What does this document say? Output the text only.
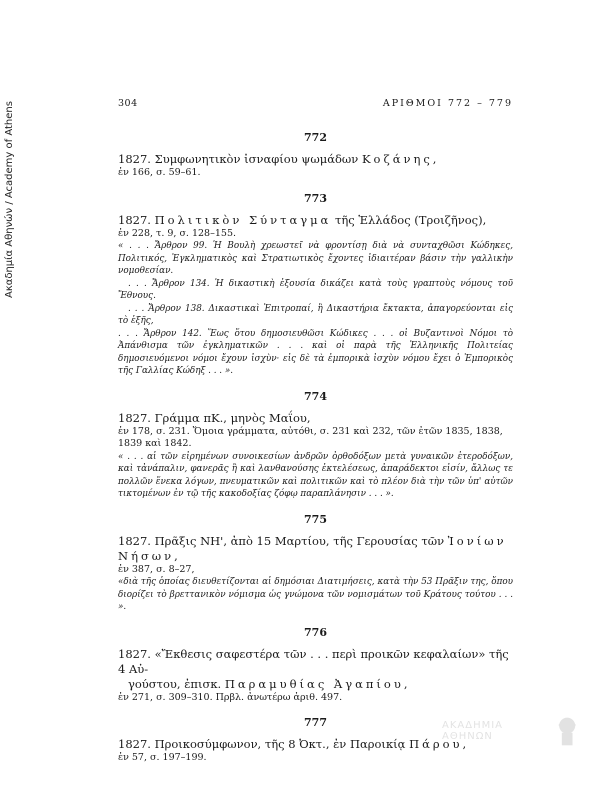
Ακαδημία Αθηνών / Academy of Athens	304	ΑΡΙΘΜΟΙ 772 – 779
772
1827. Συμφωνητικὸν ἰσναφίου ψωμάδων Κοζάνης,
ἐν 166, σ. 59–61.
773
1827. Πολιτικὸν Σύνταγμα τῆς Ἑλλάδος (Τροιζῆνος),
ἐν 228, τ. 9, σ. 128–155.
« . . . Ἄρθρον 99. Ἡ Βουλὴ χρεωστεῖ νὰ φροντίσῃ διὰ νὰ συνταχθῶσι Κώδηκες, Πολιτικός, Ἐγκληματικὸς καὶ Στρατιωτικὸς ἔχοντες ἰδιαιτέραν βάσιν τὴν γαλλικὴν νομοθεσίαν.
. . . Ἄρθρον 134. Ἡ δικαστικὴ ἐξουσία δικάζει κατὰ τοὺς γραπτοὺς νόμους τοῦ Ἔθνους.
. . . Ἄρθρον 138. Δικαστικαὶ Ἐπιτροπαί, ἢ Δικαστήρια ἔκτακτα, ἀπαγορεύονται εἰς τὸ ἑξῆς,
. . . Ἄρθρον 142. Ἕως ὅτου δημοσιευθῶσι Κώδικες . . . οἱ Βυζαντινοὶ Νόμοι τὸ Ἀπάνθισμα τῶν ἐγκληματικῶν . . . καὶ οἱ παρὰ τῆς Ἑλληνικῆς Πολιτείας δημοσιευόμενοι νόμοι ἔχουν ἰσχὺν· εἰς δὲ τὰ ἐμπορικὰ ἰσχὺν νόμου ἔχει ὁ Ἐμπορικὸς τῆς Γαλλίας Κώδηξ . . . ».
774
1827. Γράμμα πΚ., μηνὸς Μαΐου,
ἐν 178, σ. 231. Ὅμοια γράμματα, αὐτόθι, σ. 231 καὶ 232, τῶν ἐτῶν 1835, 1838, 1839 καὶ 1842.
« . . . αἱ τῶν εἰρημένων συνοικεσίων ἀνδρῶν ὀρθοδόξων μετὰ γυναικῶν ἑτεροδόξων, καὶ τἀνάπαλιν, φανερᾶς ἢ καὶ λανθανούσης ἐκτελέσεως, ἀπαράδεκτοι εἰσίν, ἄλλως τε πολλῶν ἕνεκα λόγων, πνευματικῶν καὶ πολιτικῶν καὶ τὸ πλέον διὰ τὴν τῶν ὑπ' αὐτῶν τικτομένων ἐν τῷ τῆς κακοδοξίας ζόφῳ παραπλάνησιν . . . ».
775
1827. Πρᾶξις ΝΗ', ἀπὸ 15 Μαρτίου, τῆς Γερουσίας τῶν Ἰονίων Νήσων,
ἐν 387, σ. 8–27,
«διὰ τῆς ὁποίας διευθετίζονται αἱ δημόσιαι Διατιμήσεις, κατὰ τὴν 53 Πρᾶξιν της, ὅπου διορίζει τὸ βρεττανικὸν νόμισμα ὡς γνώμονα τῶν νομισμάτων τοῦ Κράτους τούτου . . . ».
776
1827. «Ἔκθεσις σαφεστέρα τῶν . . . περὶ προικῶν κεφαλαίων» τῆς 4 Αὐ-
γούστου, ἐπισκ. Παραμυθίας Ἀγαπίου,
ἐν 271, σ. 309–310. Πρβλ. ἀνωτέρω ἀριθ. 497.
777
1827. Προικοσύμφωνον, τῆς 8 Ὀκτ., ἐν Παροικίᾳ Πάρου,
ἐν 57, σ. 197–199.
ΑΚΑΔΗΜΙΑ ΑΘΗΝΩΝ
